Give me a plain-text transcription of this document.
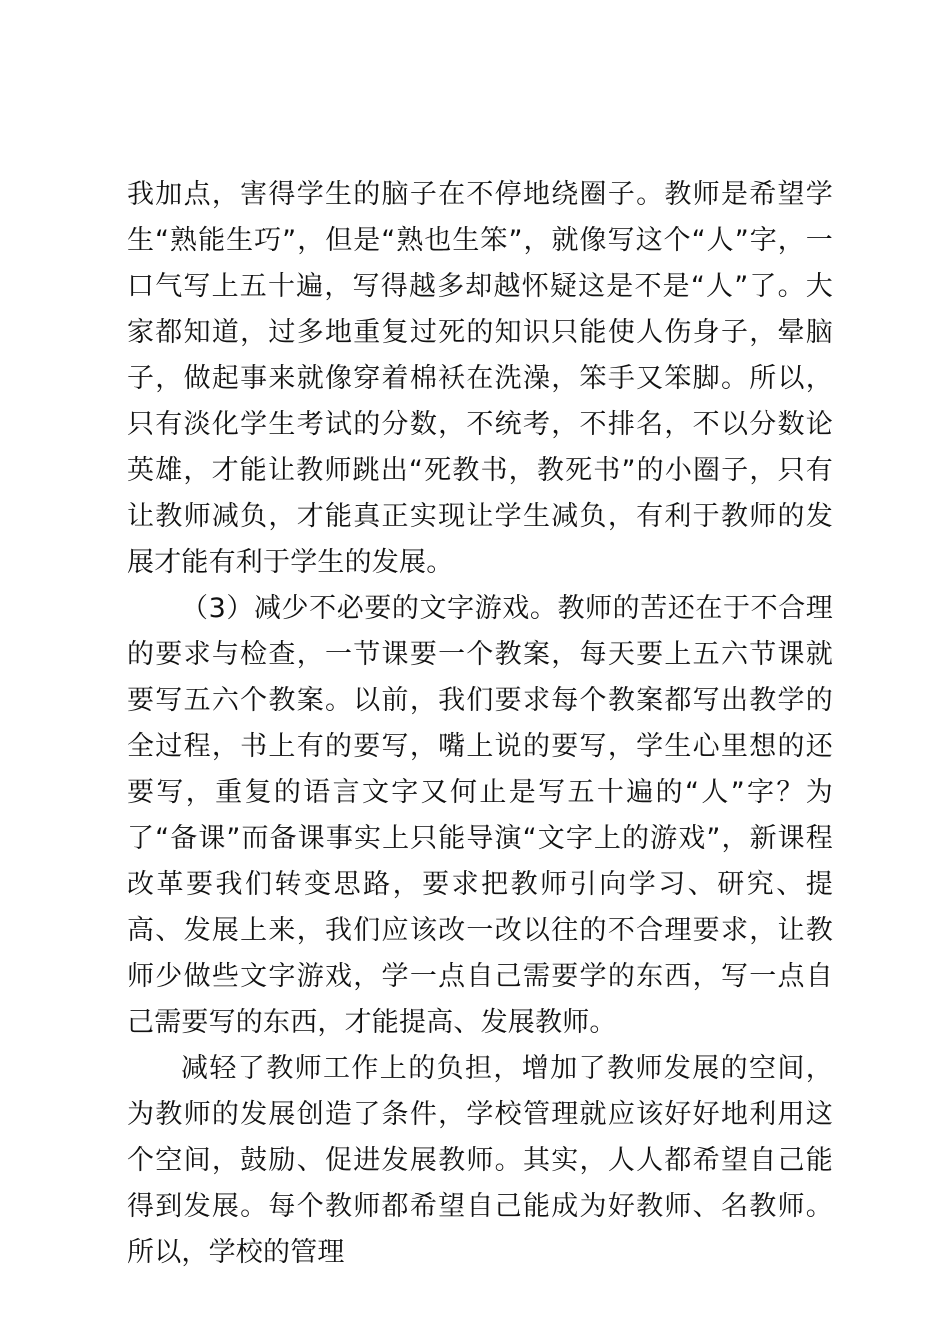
我加点，害得学生的脑子在不停地绕圈子。教师是希望学生“熟能生巧”，但是“熟也生笨”，就像写这个“人”字，一口气写上五十遍，写得越多却越怀疑这是不是“人”了。大家都知道，过多地重复过死的知识只能使人伤身子，晕脑子，做起事来就像穿着棉袄在洗澡，笨手又笨脚。所以，只有淡化学生考试的分数，不统考，不排名，不以分数论英雄，才能让教师跳出“死教书，教死书”的小圈子，只有让教师减负，才能真正实现让学生减负，有利于教师的发展才能有利于学生的发展。

（3）减少不必要的文字游戏。教师的苦还在于不合理的要求与检查，一节课要一个教案，每天要上五六节课就要写五六个教案。以前，我们要求每个教案都写出教学的全过程，书上有的要写，嘴上说的要写，学生心里想的还要写，重复的语言文字又何止是写五十遍的“人”字？为了“备课”而备课事实上只能导演“文字上的游戏”，新课程改革要我们转变思路，要求把教师引向学习、研究、提高、发展上来，我们应该改一改以往的不合理要求，让教师少做些文字游戏，学一点自己需要学的东西，写一点自己需要写的东西，才能提高、发展教师。

减轻了教师工作上的负担，增加了教师发展的空间，为教师的发展创造了条件，学校管理就应该好好地利用这个空间，鼓励、促进发展教师。其实，人人都希望自己能得到发展。每个教师都希望自己能成为好教师、名教师。所以，学校的管理
